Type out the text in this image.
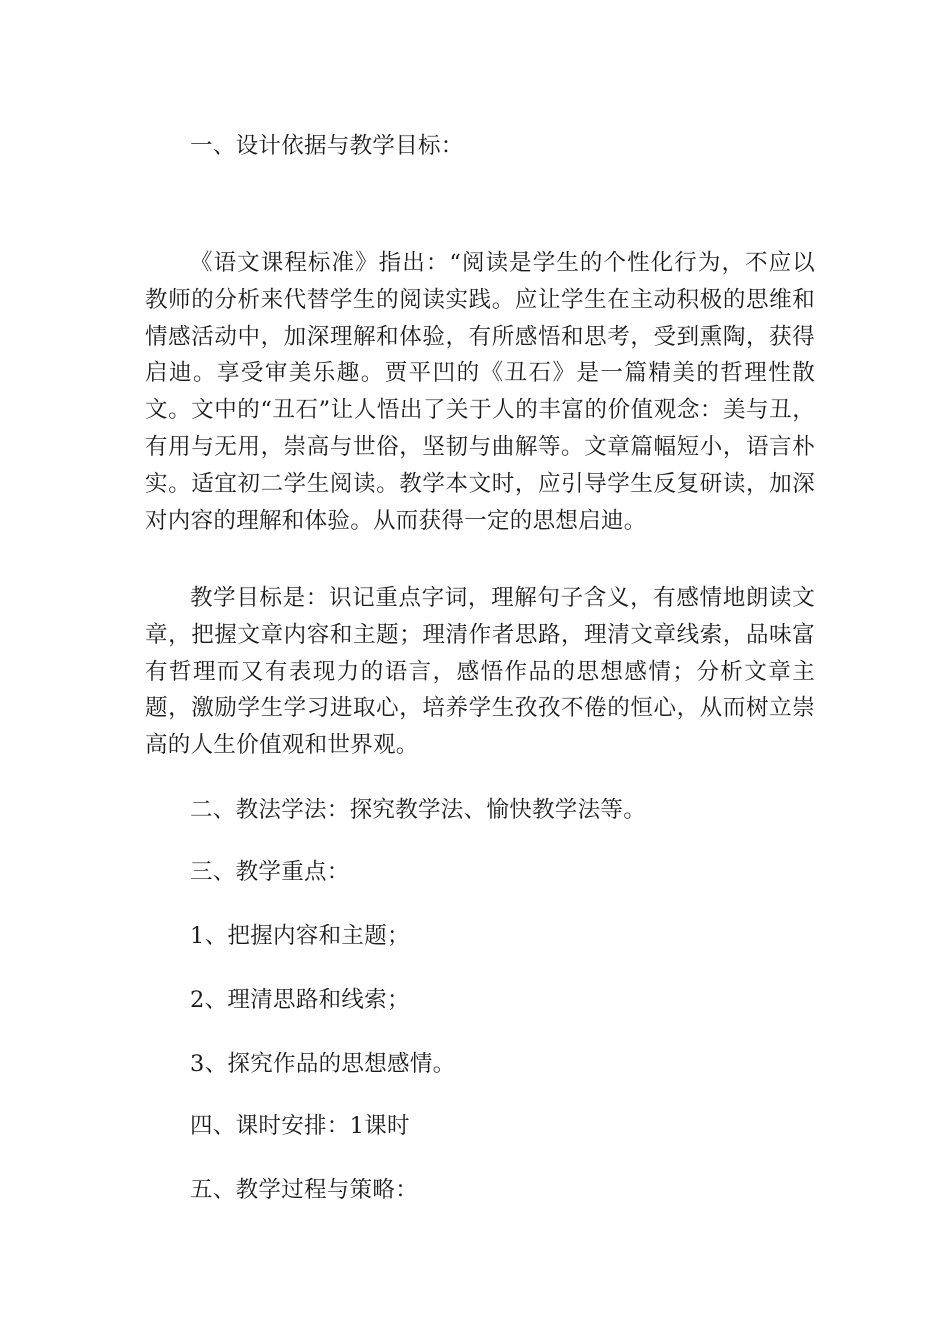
一、设计依据与教学目标：

《语文课程标准》指出：“阅读是学生的个性化行为，不应以教师的分析来代替学生的阅读实践。应让学生在主动积极的思维和情感活动中，加深理解和体验，有所感悟和思考，受到熏陶，获得启迪。享受审美乐趣。贾平凹的《丑石》是一篇精美的哲理性散文。文中的“丑石”让人悟出了关于人的丰富的价值观念：美与丑，有用与无用，崇高与世俗，坚韧与曲解等。文章篇幅短小，语言朴实。适宜初二学生阅读。教学本文时，应引导学生反复研读，加深对内容的理解和体验。从而获得一定的思想启迪。

教学目标是：识记重点字词，理解句子含义，有感情地朗读文章，把握文章内容和主题；理清作者思路，理清文章线索，品味富有哲理而又有表现力的语言，感悟作品的思想感情；分析文章主题，激励学生学习进取心，培养学生孜孜不倦的恒心，从而树立崇高的人生价值观和世界观。

二、教法学法：探究教学法、愉快教学法等。

三、教学重点：

1、把握内容和主题；

2、理清思路和线索；

3、探究作品的思想感情。

四、课时安排：1课时

五、教学过程与策略：
